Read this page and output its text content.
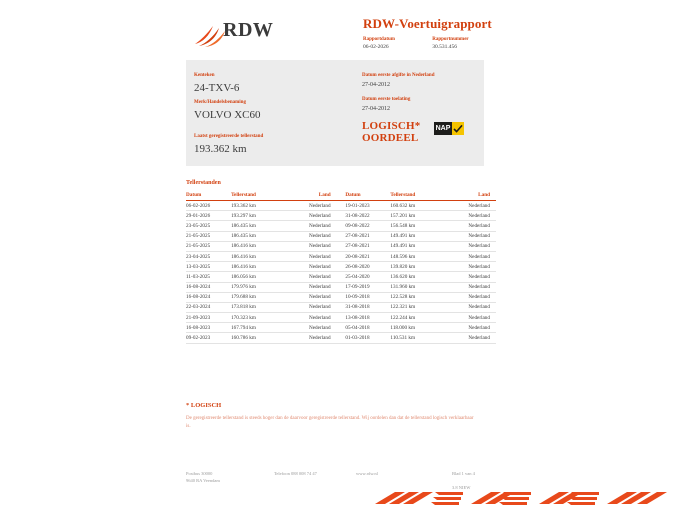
RDW	RDW-Voertuigrapport
Rapportdatum
06-02-2026

Rapportnummer
30.531.456
Kenteken
24-TXV-6
Merk/Handelsbenaming
VOLVO XC60
Laatst geregistreerde tellerstand
193.362 km
Datum eerste afgifte in Nederland
27-04-2012
Datum eerste toelating
27-04-2012
LOGISCH*
OORDEEL
NAP
Tellerstanden
Datum	Tellerstand	Land		Datum	Tellerstand	Land
06-02-2026	193.362 km	Nederland		19-01-2023	160.632 km	Nederland
29-01-2026	193.297 km	Nederland		31-08-2022	157.201 km	Nederland
23-05-2025	186.435 km	Nederland		09-08-2022	156.548 km	Nederland
21-05-2025	186.435 km	Nederland		27-08-2021	149.491 km	Nederland
21-05-2025	186.416 km	Nederland		27-08-2021	149.491 km	Nederland
23-04-2025	186.416 km	Nederland		20-08-2021	148.596 km	Nederland
13-03-2025	186.416 km	Nederland		26-08-2020	139.820 km	Nederland
11-03-2025	186.056 km	Nederland		25-04-2020	136.620 km	Nederland
16-08-2024	179.976 km	Nederland		17-09-2019	131.960 km	Nederland
16-08-2024	179.688 km	Nederland		10-09-2018	122.528 km	Nederland
22-03-2024	173.818 km	Nederland		31-08-2018	122.321 km	Nederland
21-09-2023	170.323 km	Nederland		13-08-2018	122.244 km	Nederland
16-08-2023	167.794 km	Nederland		05-04-2018	118.000 km	Nederland
09-02-2023	160.786 km	Nederland		01-03-2018	110.531 km	Nederland
* LOGISCH
De geregistreerde tellerstand is steeds hoger dan de daarvoor geregistreerde tellerstand. Wij oordelen dan dat de tellerstand logisch verklaarbaar is.
Postbus 30000
9640 RA Veendam
Telefoon 088 008 74 47	www.rdw.nl	Blad 1 van 4
3.8 NIEW
